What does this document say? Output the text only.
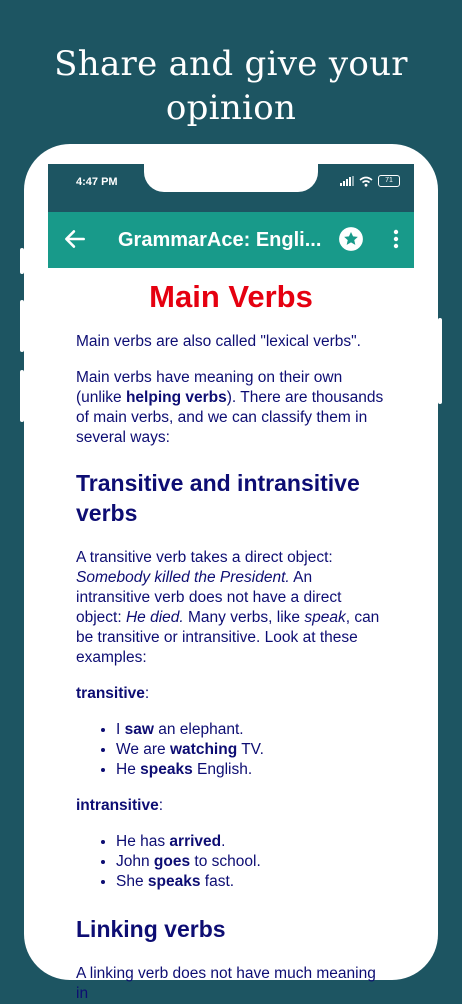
Share and give your
opinion
4:47 PM	71
GrammarAce: Engli...
Main Verbs

Main verbs are also called "lexical verbs".

Main verbs have meaning on their own (unlike helping verbs). There are thousands of main verbs, and we can classify them in several ways:

Transitive and intransitive verbs

A transitive verb takes a direct object: Somebody killed the President. An intransitive verb does not have a direct object: He died. Many verbs, like speak, can be transitive or intransitive. Look at these examples:

transitive:
• I saw an elephant.
• We are watching TV.
• He speaks English.
intransitive:
• He has arrived.
• John goes to school.
• She speaks fast.
Linking verbs

A linking verb does not have much meaning in
